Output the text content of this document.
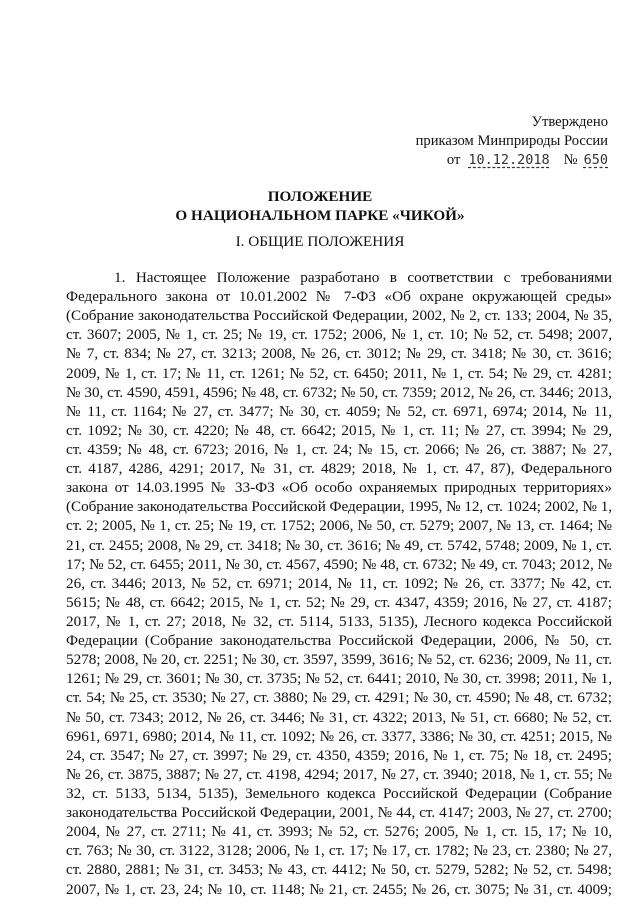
Утверждено
приказом Минприроды России
от 10.12.2018 № 650
ПОЛОЖЕНИЕ
О НАЦИОНАЛЬНОМ ПАРКЕ «ЧИКОЙ»
I. ОБЩИЕ ПОЛОЖЕНИЯ
1. Настоящее Положение разработано в соответствии с требованиями
Федерального закона от 10.01.2002 № 7-ФЗ «Об охране окружающей среды»
(Собрание законодательства Российской Федерации, 2002, № 2, ст. 133; 2004, № 35,
ст. 3607; 2005, № 1, ст. 25; № 19, ст. 1752; 2006, № 1, ст. 10; № 52, ст. 5498; 2007,
№ 7, ст. 834; № 27, ст. 3213; 2008, № 26, ст. 3012; № 29, ст. 3418; № 30, ст. 3616;
2009, № 1, ст. 17; № 11, ст. 1261; № 52, ст. 6450; 2011, № 1, ст. 54; № 29, ст. 4281;
№ 30, ст. 4590, 4591, 4596; № 48, ст. 6732; № 50, ст. 7359; 2012, № 26, ст. 3446; 2013,
№ 11, ст. 1164; № 27, ст. 3477; № 30, ст. 4059; № 52, ст. 6971, 6974; 2014, № 11,
ст. 1092; № 30, ст. 4220; № 48, ст. 6642; 2015, № 1, ст. 11; № 27, ст. 3994; № 29,
ст. 4359; № 48, ст. 6723; 2016, № 1, ст. 24; № 15, ст. 2066; № 26, ст. 3887; № 27,
ст. 4187, 4286, 4291; 2017, № 31, ст. 4829; 2018, № 1, ст. 47, 87), Федерального
закона от 14.03.1995 № 33-ФЗ «Об особо охраняемых природных территориях»
(Собрание законодательства Российской Федерации, 1995, № 12, ст. 1024; 2002, № 1,
ст. 2; 2005, № 1, ст. 25; № 19, ст. 1752; 2006, № 50, ст. 5279; 2007, № 13, ст. 1464; №
21, ст. 2455; 2008, № 29, ст. 3418; № 30, ст. 3616; № 49, ст. 5742, 5748; 2009, № 1, ст.
17; № 52, ст. 6455; 2011, № 30, ст. 4567, 4590; № 48, ст. 6732; № 49, ст. 7043; 2012, №
26, ст. 3446; 2013, № 52, ст. 6971; 2014, № 11, ст. 1092; № 26, ст. 3377; № 42, ст.
5615; № 48, ст. 6642; 2015, № 1, ст. 52; № 29, ст. 4347, 4359; 2016, № 27, ст. 4187;
2017, № 1, ст. 27; 2018, № 32, ст. 5114, 5133, 5135), Лесного кодекса Российской
Федерации (Собрание законодательства Российской Федерации, 2006, № 50, ст.
5278; 2008, № 20, ст. 2251; № 30, ст. 3597, 3599, 3616; № 52, ст. 6236; 2009, № 11, ст.
1261; № 29, ст. 3601; № 30, ст. 3735; № 52, ст. 6441; 2010, № 30, ст. 3998; 2011, № 1,
ст. 54; № 25, ст. 3530; № 27, ст. 3880; № 29, ст. 4291; № 30, ст. 4590; № 48, ст. 6732;
№ 50, ст. 7343; 2012, № 26, ст. 3446; № 31, ст. 4322; 2013, № 51, ст. 6680; № 52, ст.
6961, 6971, 6980; 2014, № 11, ст. 1092; № 26, ст. 3377, 3386; № 30, ст. 4251; 2015, №
24, ст. 3547; № 27, ст. 3997; № 29, ст. 4350, 4359; 2016, № 1, ст. 75; № 18, ст. 2495;
№ 26, ст. 3875, 3887; № 27, ст. 4198, 4294; 2017, № 27, ст. 3940; 2018, № 1, ст. 55; №
32, ст. 5133, 5134, 5135), Земельного кодекса Российской Федерации (Собрание
законодательства Российской Федерации, 2001, № 44, ст. 4147; 2003, № 27, ст. 2700;
2004, № 27, ст. 2711; № 41, ст. 3993; № 52, ст. 5276; 2005, № 1, ст. 15, 17; № 10,
ст. 763; № 30, ст. 3122, 3128; 2006, № 1, ст. 17; № 17, ст. 1782; № 23, ст. 2380; № 27,
ст. 2880, 2881; № 31, ст. 3453; № 43, ст. 4412; № 50, ст. 5279, 5282; № 52, ст. 5498;
2007, № 1, ст. 23, 24; № 10, ст. 1148; № 21, ст. 2455; № 26, ст. 3075; № 31, ст. 4009;
